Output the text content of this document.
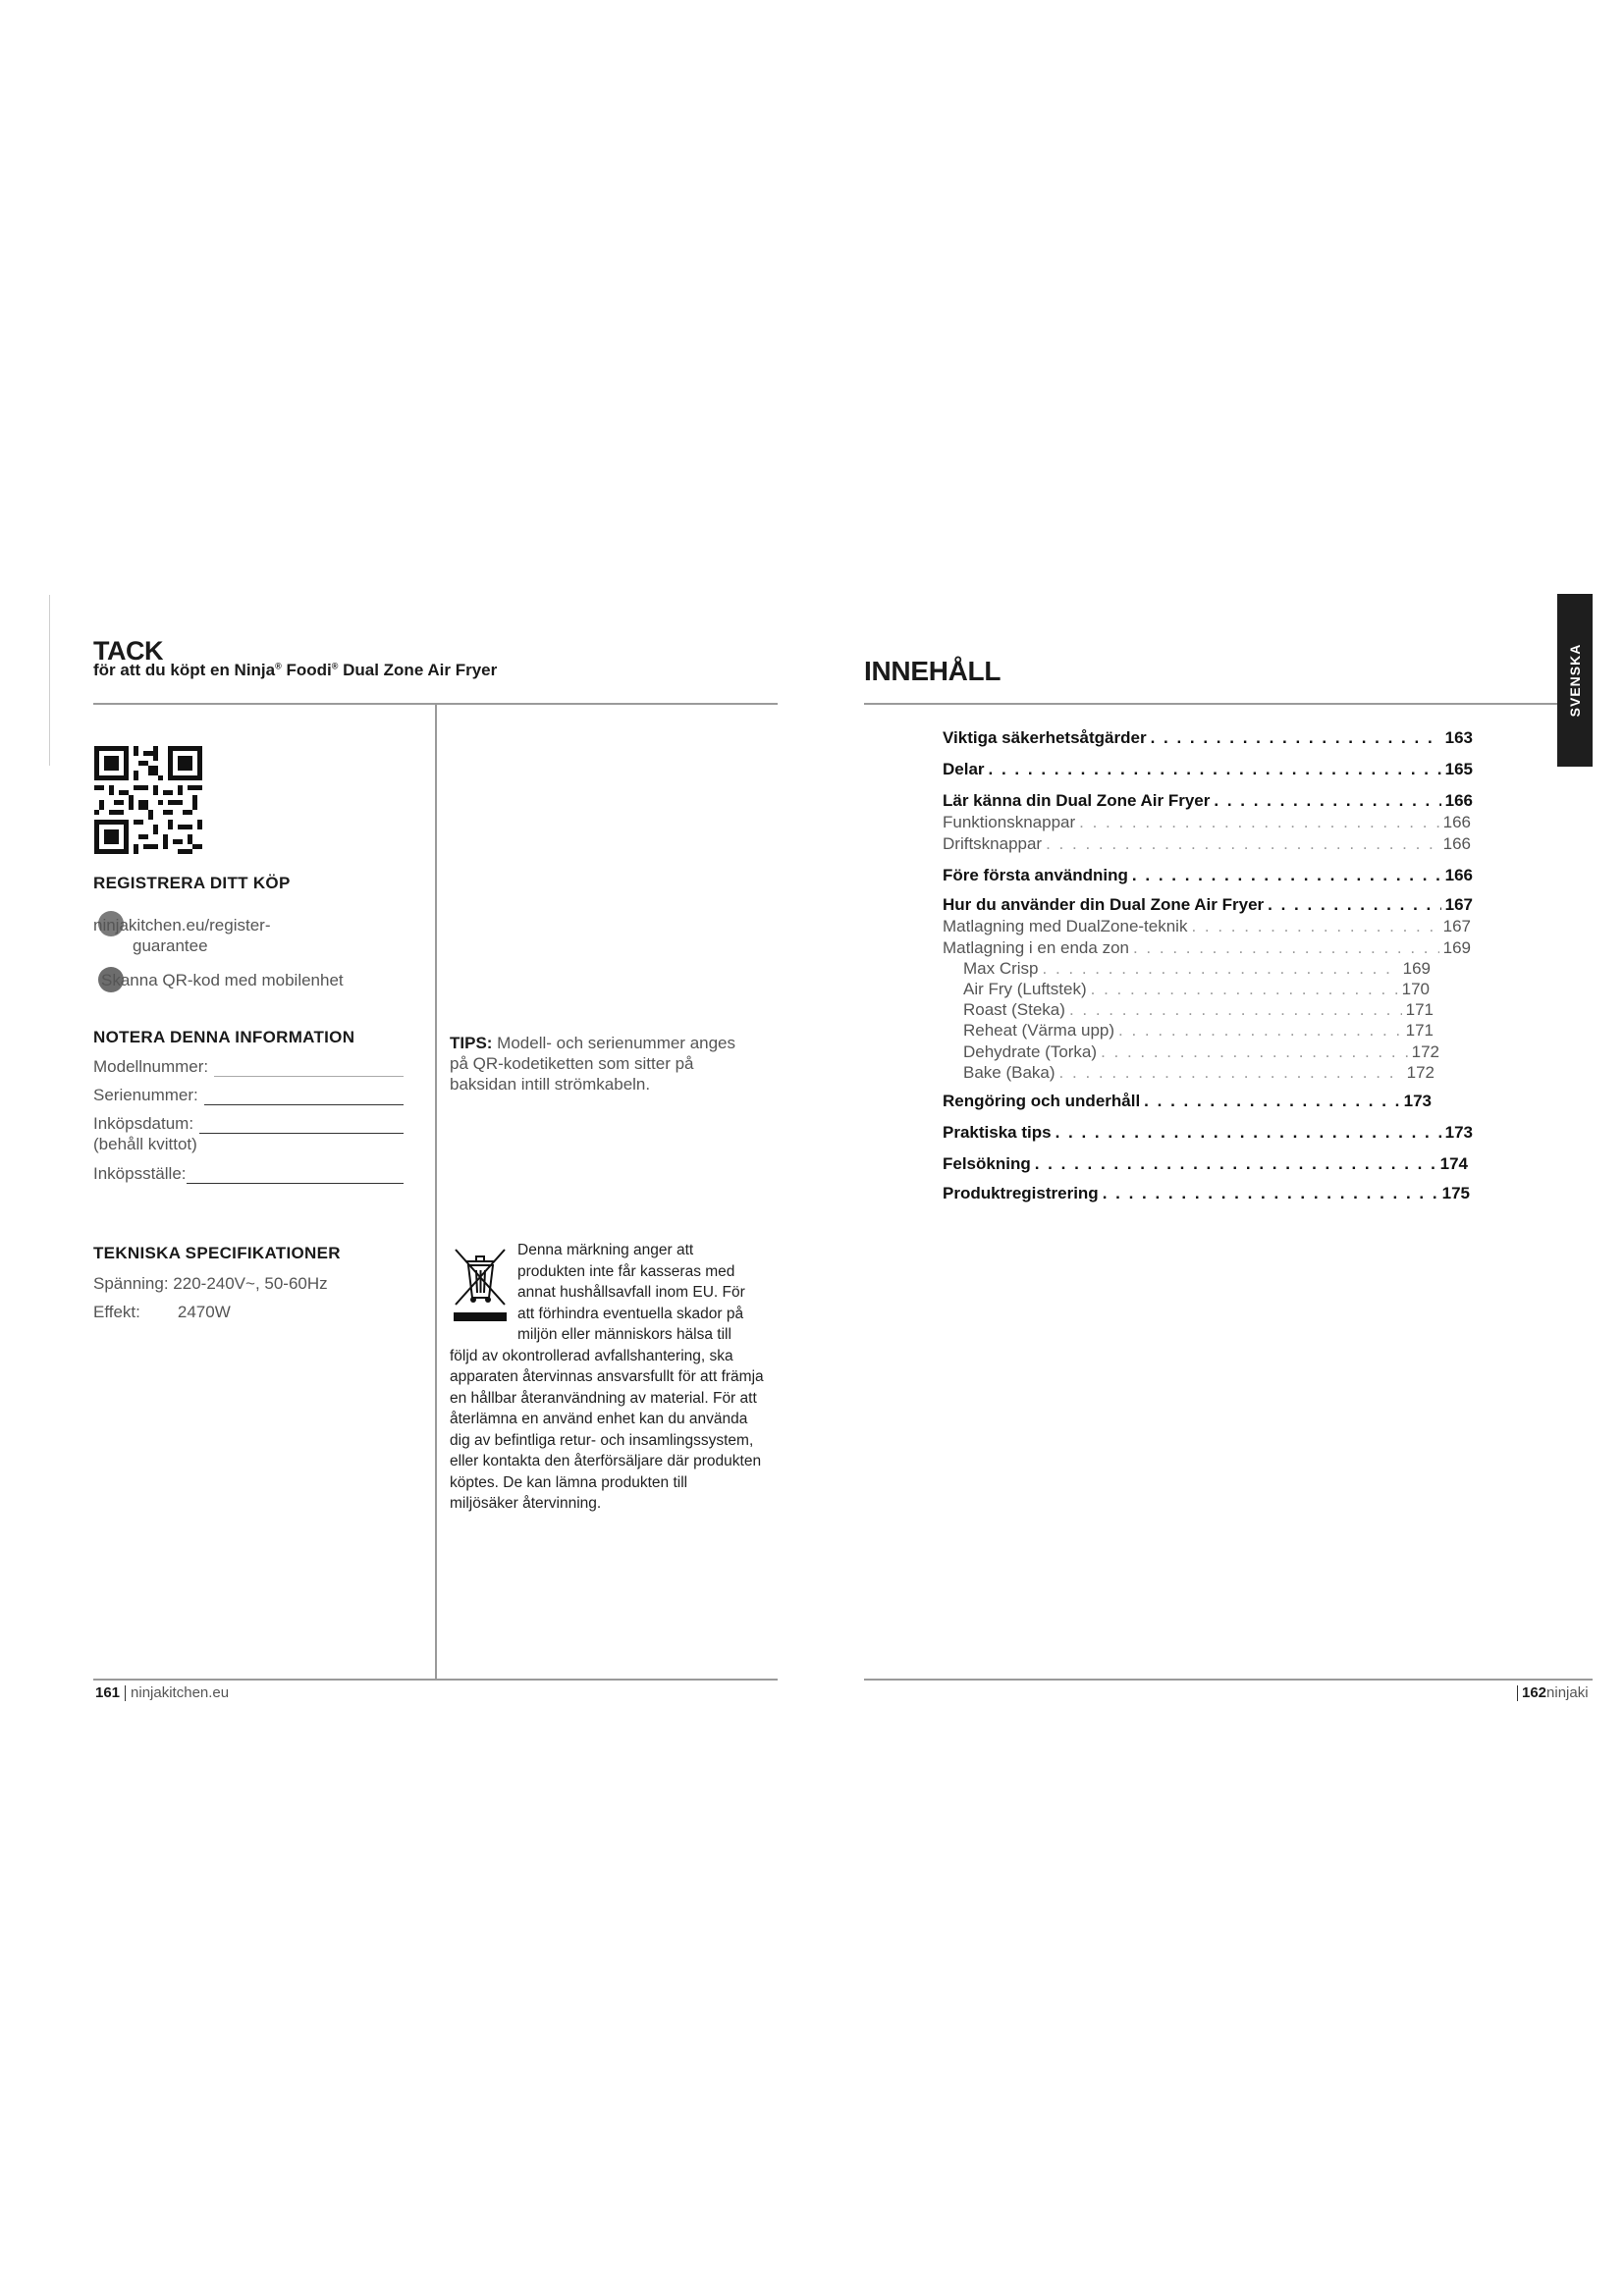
TACK
för att du köpt en Ninja® Foodi® Dual Zone Air Fryer
REGISTRERA DITT KÖP
ninjakitchen.eu/register-
guarantee
Skanna QR-kod med mobilenhet
NOTERA DENNA INFORMATION
Modellnummer:
Serienummer:
Inköpsdatum:
(behåll kvittot)
Inköpsställe:
TIPS: Modell- och serienummer anges
på QR-kodetiketten som sitter på
baksidan intill strömkabeln.
TEKNISKA SPECIFIKATIONER
Spänning: 220-240V~, 50-60Hz
Effekt: 2470W
Denna märkning anger att
produkten inte får kasseras med
annat hushållsavfall inom EU. För
att förhindra eventuella skador på
miljön eller människors hälsa till
följd av okontrollerad avfallshantering, ska
apparaten återvinnas ansvarsfullt för att främja
en hållbar återanvändning av material. För att
återlämna en använd enhet kan du använda
dig av befintliga retur- och insamlingssystem,
eller kontakta den återförsäljare där produkten
köptes. De kan lämna produkten till
miljösäker återvinning.
161 ninjakitchen.eu
INNEHÅLL	SVENSKA
Viktiga säkerhetsåtgärder . . .	163
Delar . . .	165
Lär känna din Dual Zone Air Fryer . . .	166
Funktionsknappar . . .	166
Driftsknappar . . .	166
Före första användning . . .	166
Hur du använder din Dual Zone Air Fryer . . .	167
Matlagning med DualZone-teknik . . .	167
Matlagning i en enda zon . . .	169
Max Crisp . . .	169
Air Fry (Luftstek) . . .	170
Roast (Steka) . . .	171
Reheat (Värma upp) . . .	171
Dehydrate (Torka) . . .	172
Bake (Baka) . . .	172
Rengöring och underhåll . . .	173
Praktiska tips . . .	173
Felsökning . . .	174
Produktregistrering . . .	175
162 ninjaki
